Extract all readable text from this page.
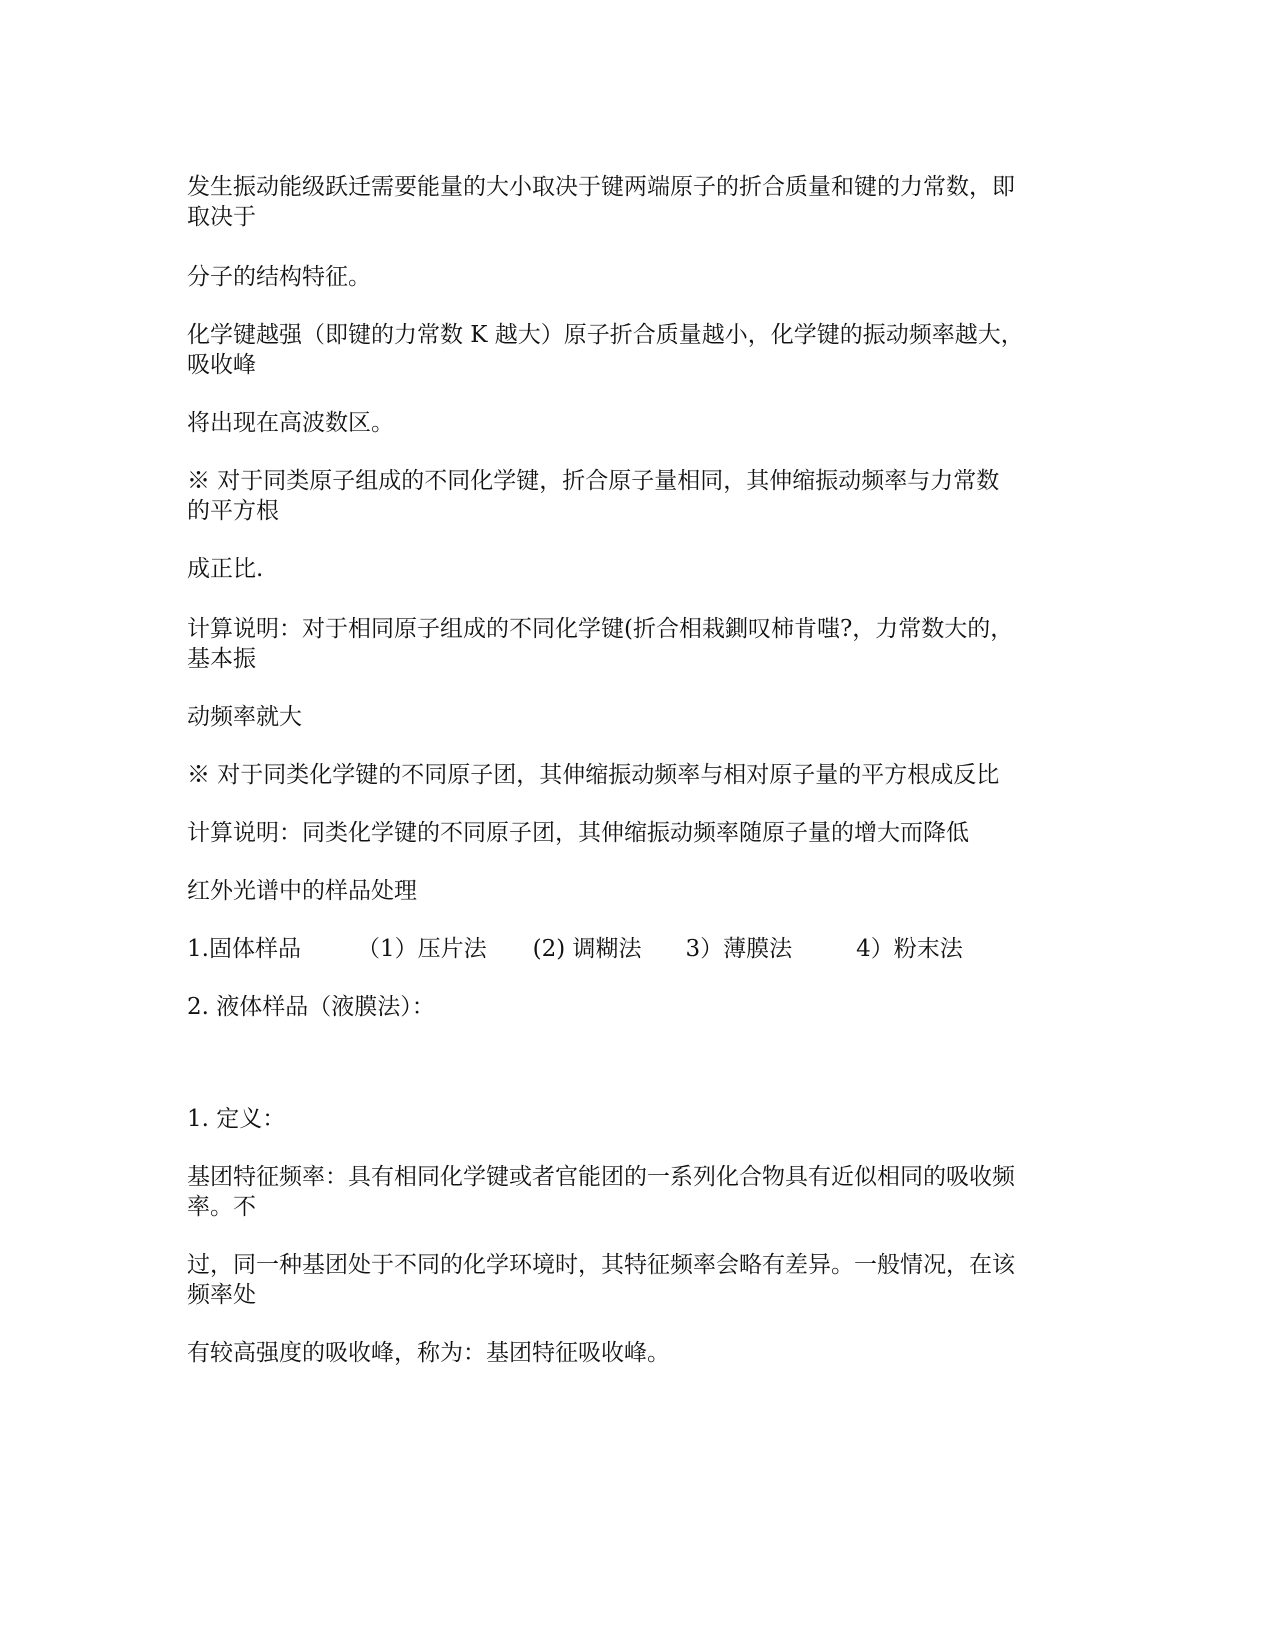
发生振动能级跃迁需要能量的大小取决于键两端原子的折合质量和键的力常数，即
取决于
分子的结构特征。
化学键越强（即键的力常数 K 越大）原子折合质量越小，化学键的振动频率越大，
吸收峰
将出现在高波数区。
※ 对于同类原子组成的不同化学键，折合原子量相同，其伸缩振动频率与力常数
的平方根
成正比.
计算说明：对于相同原子组成的不同化学键(折合相栽鍘叹柿肯嗤?，力常数大的，
基本振
动频率就大
※ 对于同类化学键的不同原子团，其伸缩振动频率与相对原子量的平方根成反比
计算说明：同类化学键的不同原子团，其伸缩振动频率随原子量的增大而降低
红外光谱中的样品处理
1.固体样品 （1）压片法 (2) 调糊法 3）薄膜法	4）粉末法
2. 液体样品（液膜法）：
1. 定义：
基团特征频率：具有相同化学键或者官能团的一系列化合物具有近似相同的吸收频
率。不
过，同一种基团处于不同的化学环境时，其特征频率会略有差异。一般情况，在该
频率处
有较高强度的吸收峰，称为：基团特征吸收峰。
